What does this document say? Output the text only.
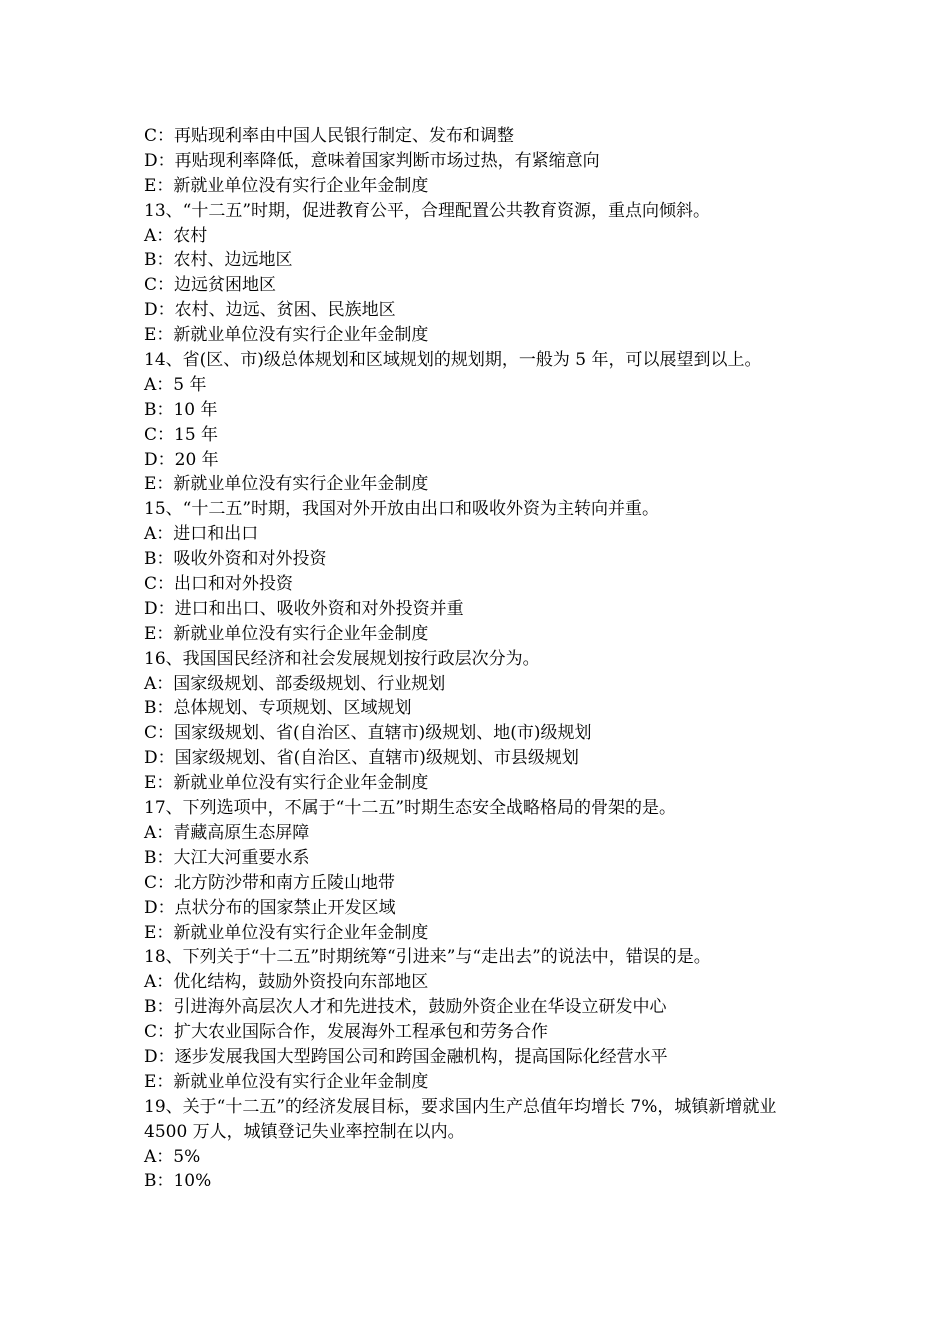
C：再贴现利率由中国人民银行制定、发布和调整
D：再贴现利率降低，意味着国家判断市场过热，有紧缩意向
E：新就业单位没有实行企业年金制度
13、“十二五”时期，促进教育公平，合理配置公共教育资源，重点向倾斜。
A：农村
B：农村、边远地区
C：边远贫困地区
D：农村、边远、贫困、民族地区
E：新就业单位没有实行企业年金制度
14、省(区、市)级总体规划和区域规划的规划期，一般为 5 年，可以展望到以上。
A：5 年
B：10 年
C：15 年
D：20 年
E：新就业单位没有实行企业年金制度
15、“十二五”时期，我国对外开放由出口和吸收外资为主转向并重。
A：进口和出口
B：吸收外资和对外投资
C：出口和对外投资
D：进口和出口、吸收外资和对外投资并重
E：新就业单位没有实行企业年金制度
16、我国国民经济和社会发展规划按行政层次分为。
A：国家级规划、部委级规划、行业规划
B：总体规划、专项规划、区域规划
C：国家级规划、省(自治区、直辖市)级规划、地(市)级规划
D：国家级规划、省(自治区、直辖市)级规划、市县级规划
E：新就业单位没有实行企业年金制度
17、下列选项中，不属于“十二五”时期生态安全战略格局的骨架的是。
A：青藏高原生态屏障
B：大江大河重要水系
C：北方防沙带和南方丘陵山地带
D：点状分布的国家禁止开发区域
E：新就业单位没有实行企业年金制度
18、下列关于“十二五”时期统筹“引进来”与“走出去”的说法中，错误的是。
A：优化结构，鼓励外资投向东部地区
B：引进海外高层次人才和先进技术，鼓励外资企业在华设立研发中心
C：扩大农业国际合作，发展海外工程承包和劳务合作
D：逐步发展我国大型跨国公司和跨国金融机构，提高国际化经营水平
E：新就业单位没有实行企业年金制度
19、关于“十二五”的经济发展目标，要求国内生产总值年均增长 7%，城镇新增就业 4500 万人，城镇登记失业率控制在以内。
A：5%
B：10%
